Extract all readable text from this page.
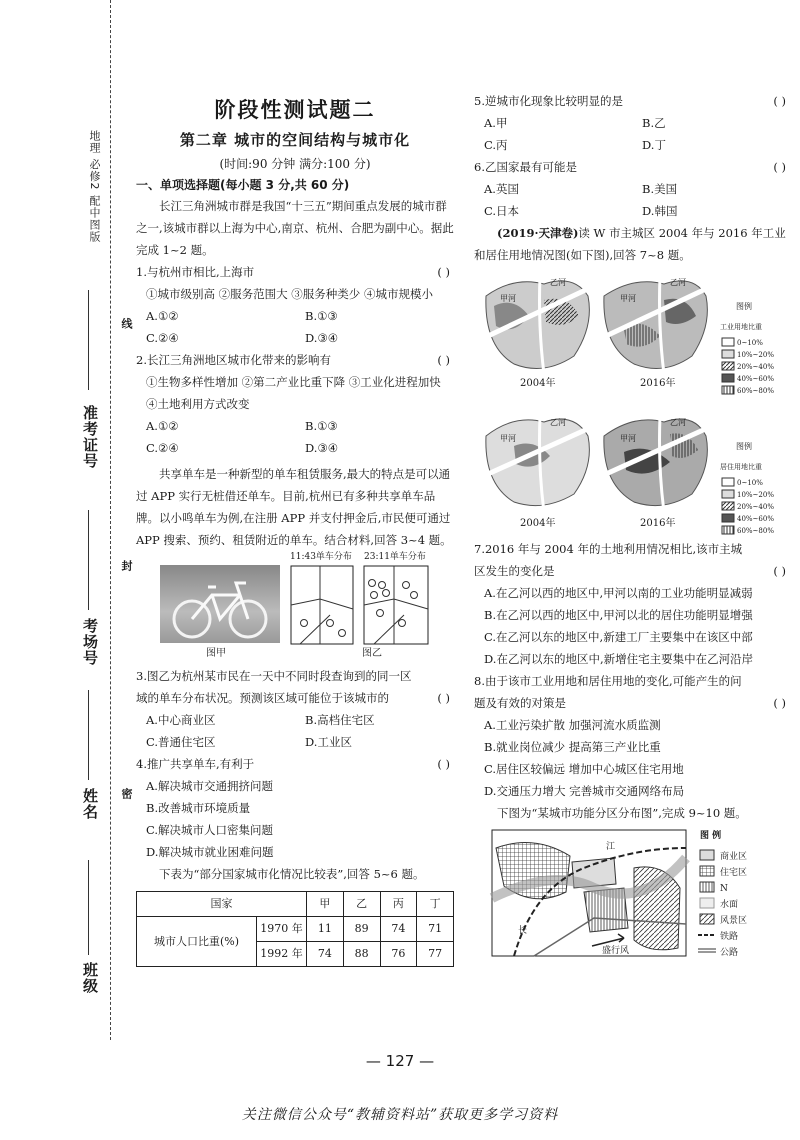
地理 必修2 配中图版
线
封
密
准考证号
考场号
姓名
班级
阶段性测试题二
第二章 城市的空间结构与城市化
(时间:90 分钟 满分:100 分)
一、单项选择题(每小题 3 分,共 60 分)
长江三角洲城市群是我国“十三五”期间重点发展的城市群之一,该城市群以上海为中心,南京、杭州、合肥为副中心。据此完成 1~2 题。
1.与杭州市相比,上海市	( )
①城市级别高 ②服务范围大 ③服务种类少 ④城市规模小
A.①②	B.①③
C.②④	D.③④
2.长江三角洲地区城市化带来的影响有	( )
①生物多样性增加 ②第二产业比重下降 ③工业化进程加快 ④土地利用方式改变
A.①②	B.①③
C.②④	D.③④
共享单车是一种新型的单车租赁服务,最大的特点是可以通过 APP 实行无桩借还单车。目前,杭州已有多种共享单车品牌。以小鸣单车为例,在注册 APP 并支付押金后,市民便可通过 APP 搜索、预约、租赁附近的单车。结合材料,回答 3~4 题。
图甲
11:43单车分布 23:11单车分布
图乙
3.图乙为杭州某市民在一天中不同时段查询到的同一区域的单车分布状况。预测该区域可能位于该城市的	( )
A.中心商业区	B.高档住宅区
C.普通住宅区	D.工业区
4.推广共享单车,有利于	( )
A.解决城市交通拥挤问题
B.改善城市环境质量
C.解决城市人口密集问题
D.解决城市就业困难问题
下表为“部分国家城市化情况比较表”,回答 5~6 题。
国家		甲	乙	丙	丁
城市人口比重(%)	1970 年	11	89	74	71
	1992 年	74	88	76	77
5.逆城市化现象比较明显的是	( )
A.甲	B.乙
C.丙	D.丁
6.乙国家最有可能是	( )
A.英国	B.美国
C.日本	D.韩国
(2019·天津卷)读 W 市主城区 2004 年与 2016 年工业和居住用地情况图(如下图),回答 7~8 题。
甲河
乙河
甲河
乙河
2004年	2016年
图例
工业用地比重
0~10%
10%~20%
20%~40%
40%~60%
60%~80%
甲河
乙河
甲河
乙河
2004年	2016年
图例
居住用地比重
0~10%
10%~20%
20%~40%
40%~60%
60%~80%
7.2016 年与 2004 年的土地利用情况相比,该市主城区发生的变化是	( )
A.在乙河以西的地区中,甲河以南的工业功能明显减弱
B.在乙河以西的地区中,甲河以北的居住功能明显增强
C.在乙河以东的地区中,新建工厂主要集中在该区中部
D.在乙河以东的地区中,新增住宅主要集中在乙河沿岸
8.由于该市工业用地和居住用地的变化,可能产生的问题及有效的对策是	( )
A.工业污染扩散 加强河流水质监测
B.就业岗位减少 提高第三产业比重
C.居住区较偏远 增加中心城区住宅用地
D.交通压力增大 完善城市交通网络布局
下图为“某城市功能分区分布图”,完成 9~10 题。
江
长
盛行风
图 例
商业区
住宅区
N
水面
风景区
铁路
公路
— 127 —
关注微信公众号“教辅资料站”获取更多学习资料
